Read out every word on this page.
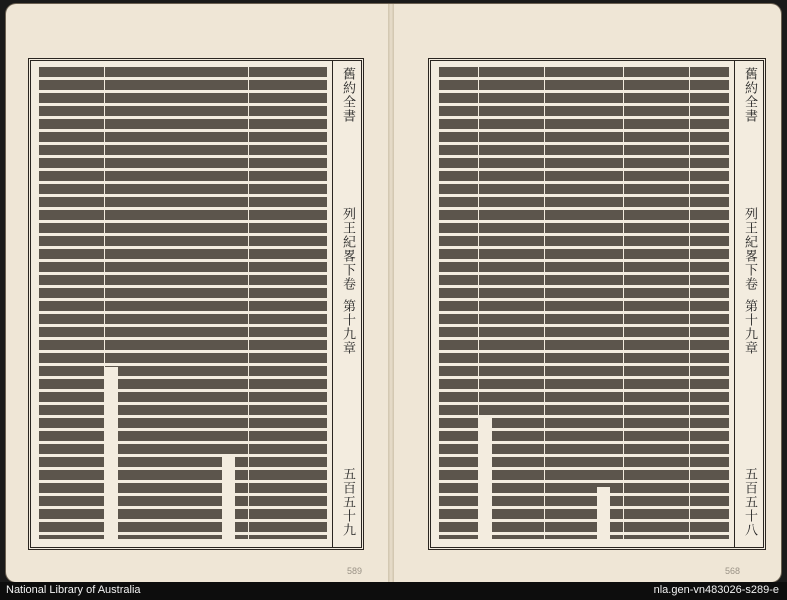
舊約全書
列王紀畧下卷
第十九章
五百五十九
舊約全書
列王紀畧下卷
第十九章
五百五十八
589	568
National Library of Australia	nla.gen-vn483026-s289-e
